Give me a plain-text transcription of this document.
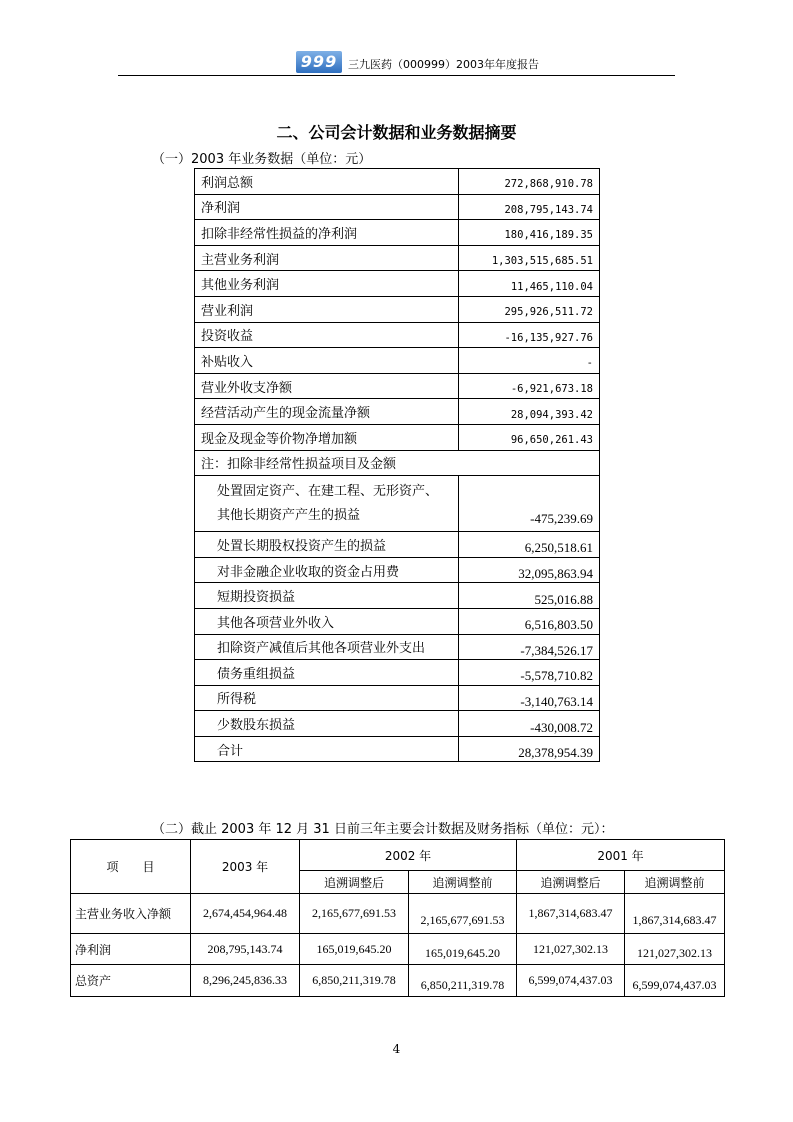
999 三九医药（000999）2003年年度报告
二、公司会计数据和业务数据摘要
（一）2003 年业务数据（单位：元）
利润总额	272,868,910.78
净利润	208,795,143.74
扣除非经常性损益的净利润	180,416,189.35
主营业务利润	1,303,515,685.51
其他业务利润	11,465,110.04
营业利润	295,926,511.72
投资收益	-16,135,927.76
补贴收入	-
营业外收支净额	-6,921,673.18
经营活动产生的现金流量净额	28,094,393.42
现金及现金等价物净增加额	96,650,261.43
注：扣除非经常性损益项目及金额	
处置固定资产、在建工程、无形资产、
其他长期资产产生的损益	-475,239.69
处置长期股权投资产生的损益	6,250,518.61
对非金融企业收取的资金占用费	32,095,863.94
短期投资损益	525,016.88
其他各项营业外收入	6,516,803.50
扣除资产减值后其他各项营业外支出	-7,384,526.17
债务重组损益	-5,578,710.82
所得税	-3,140,763.14
少数股东损益	-430,008.72
合计	28,378,954.39
（二）截止 2003 年 12 月 31 日前三年主要会计数据及财务指标（单位：元）：
项　　目	2003 年	2002 年		2001 年	
		追溯调整后	追溯调整前	追溯调整后	追溯调整前
主营业务收入净额	2,674,454,964.48	2,165,677,691.53	2,165,677,691.53	1,867,314,683.47	1,867,314,683.47
净利润	208,795,143.74	165,019,645.20	165,019,645.20	121,027,302.13	121,027,302.13
总资产	8,296,245,836.33	6,850,211,319.78	6,850,211,319.78	6,599,074,437.03	6,599,074,437.03
4
